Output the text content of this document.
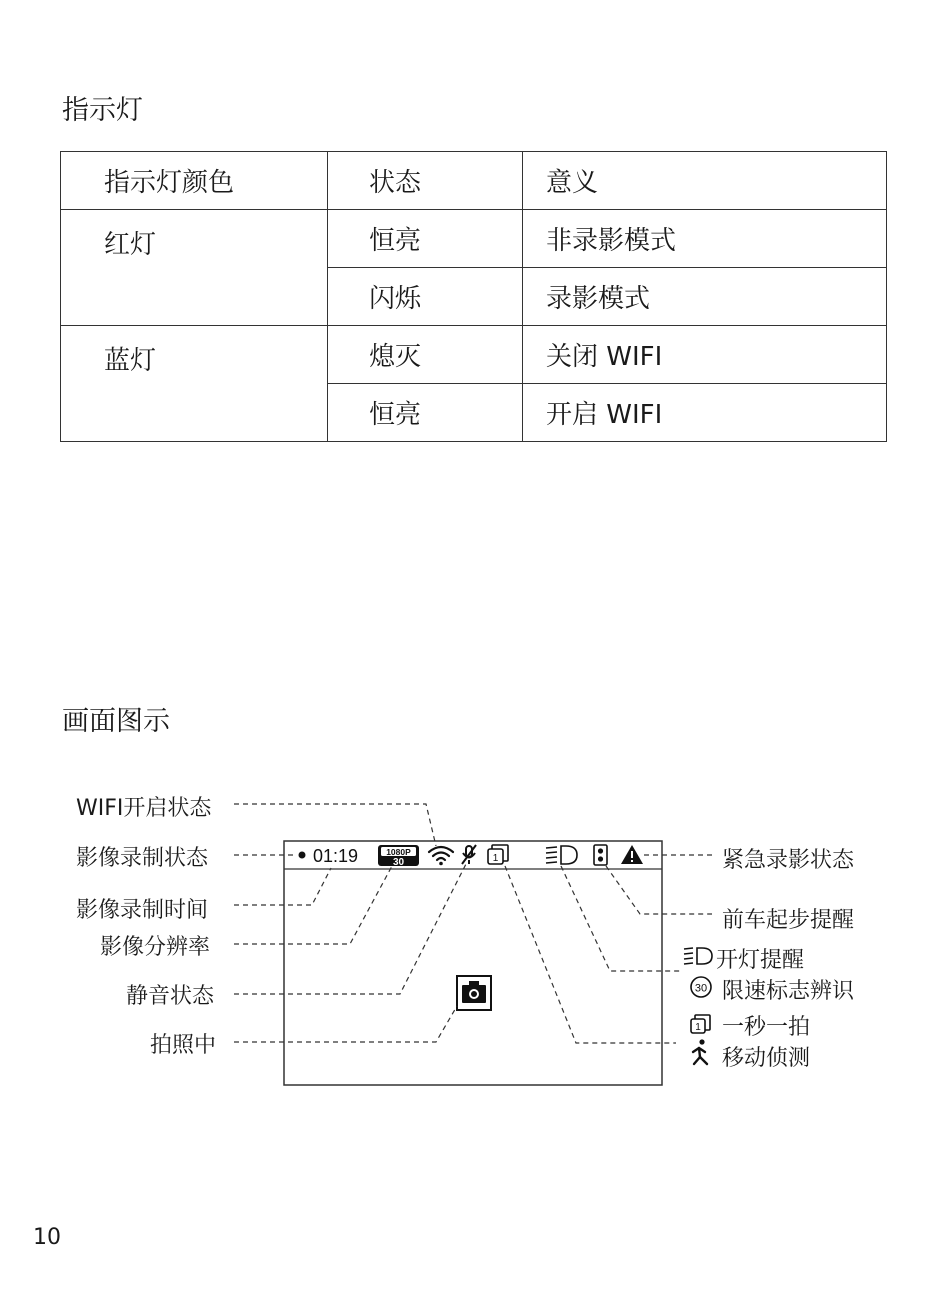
指示灯
指示灯颜色	状态	意义
红灯	恒亮	非录影模式
	闪烁	录影模式
蓝灯	熄灭	关闭 WIFI
	恒亮	开启 WIFI
画面图示
01:19	1080P
30	1
30
1
WIFI开启状态
影像录制状态
影像录制时间
影像分辨率
静音状态
拍照中
紧急录影状态
前车起步提醒
开灯提醒
限速标志辨识
一秒一拍
移动侦测
10
